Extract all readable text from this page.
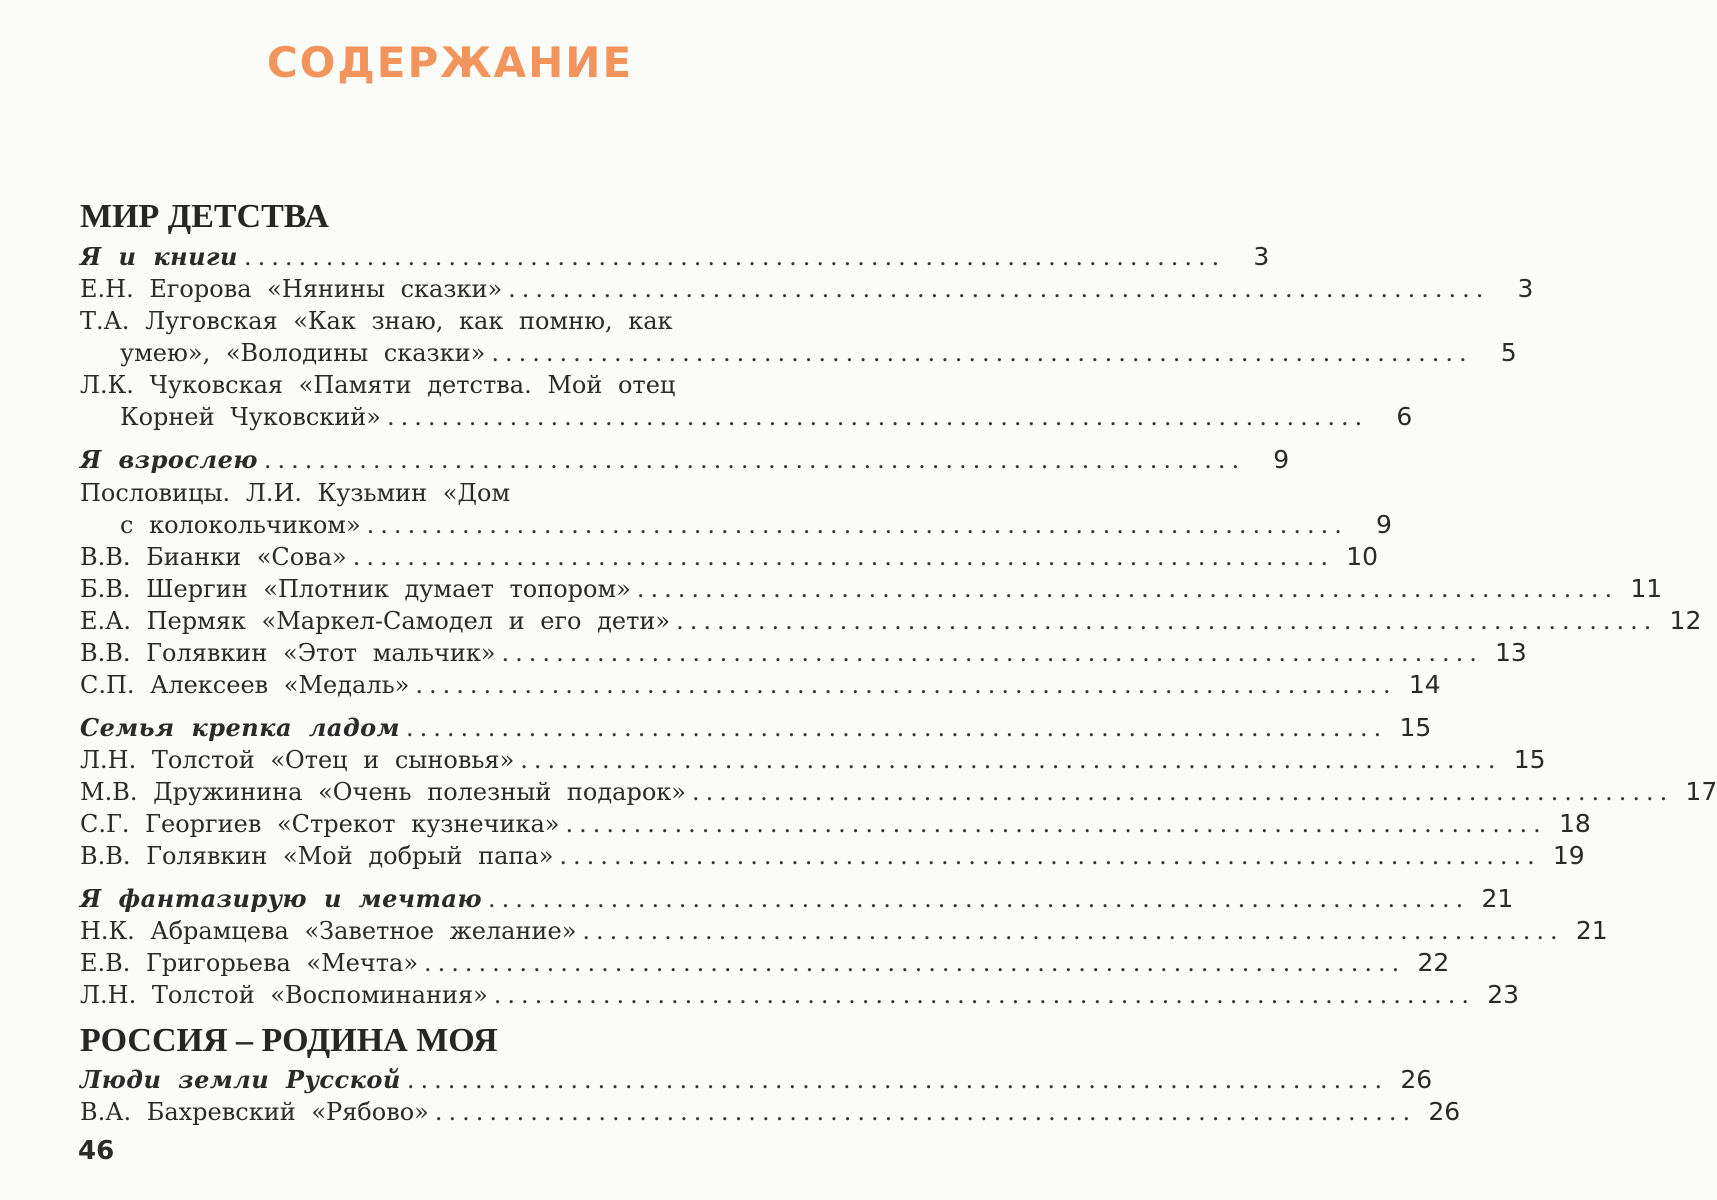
СОДЕРЖАНИЕ
МИР ДЕТСТВА
Я и книги ........................................................................	3
Е.Н. Егорова «Нянины сказки» ........................................................................	3
Т.А. Луговская «Как знаю, как помню, как
умею», «Володины сказки» ........................................................................	5
Л.К. Чуковская «Памяти детства. Мой отец
Корней Чуковский» ........................................................................	6
Я взрослею ........................................................................	9
Пословицы. Л.И. Кузьмин «Дом
с колокольчиком» ........................................................................	9
В.В. Бианки «Сова» ........................................................................ 10
Б.В. Шергин «Плотник думает топором» ........................................................................ 11
Е.А. Пермяк «Маркел-Самодел и его дети» ........................................................................ 12
В.В. Голявкин «Этот мальчик» ........................................................................ 13
С.П. Алексеев «Медаль» ........................................................................ 14
Семья крепка ладом ........................................................................ 15
Л.Н. Толстой «Отец и сыновья» ........................................................................ 15
М.В. Дружинина «Очень полезный подарок» ........................................................................ 17
С.Г. Георгиев «Стрекот кузнечика» ........................................................................ 18
В.В. Голявкин «Мой добрый папа» ........................................................................ 19
Я фантазирую и мечтаю ........................................................................ 21
Н.К. Абрамцева «Заветное желание» ........................................................................ 21
Е.В. Григорьева «Мечта» ........................................................................ 22
Л.Н. Толстой «Воспоминания» ........................................................................ 23
РОССИЯ – РОДИНА МОЯ
Люди земли Русской ........................................................................ 26
В.А. Бахревский «Рябово» ........................................................................ 26
46
